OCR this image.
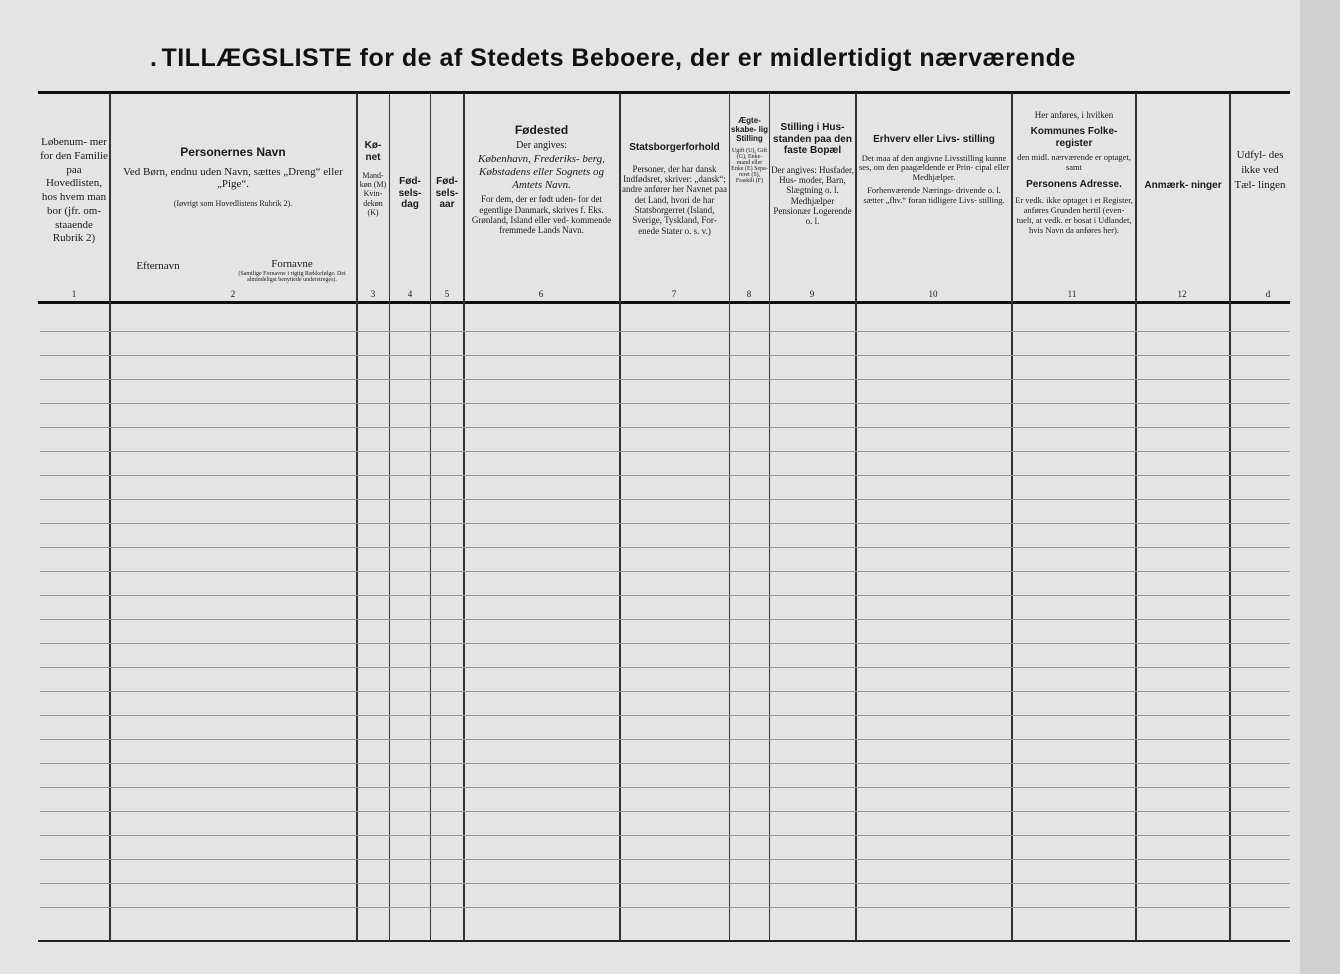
. TILLÆGSLISTE for de af Stedets Beboere, der er midlertidigt nærværende
Løbenum- mer for den Familie paa Hovedlisten, hos hvem man bor (jfr. om- staaende Rubrik 2)
Personernes Navn
Ved Børn, endnu uden Navn, sættes „Dreng“ eller „Pige“.
(Iøvrigt som Hovedlistens Rubrik 2).
Efternavn	Fornavne
(Samtlige Fornavne i rigtig Rækkefølge. Det almindeligst benyttede understreges).
Kø- net
Mand- køn (M) Kvin- dekøn (K)
Fød- sels- dag
Fød- sels- aar
Fødested
Der angives:
København, Frederiks- berg, Købstadens eller Sognets og Amtets Navn.
For dem, der er født uden- for det egentlige Danmark, skrives f. Eks. Grønland, Island eller ved- kommende fremmede Lands Navn.
Statsborgerforhold
Personer, der har dansk Indfødsret, skriver: „dansk“; andre anfører her Navnet paa det Land, hvori de har Statsborgerret (Island, Sverige, Tyskland, For- enede Stater o. s. v.)
Ægte- skabe- lig Stilling
Ugift (U), Gift (G), Enke- mand eller Enke (E) Sepa- reret (S), Fraskilt (F)
Stilling i Hus- standen paa den faste Bopæl
Der angives: Husfader, Hus- moder, Barn, Slægtning o. l. Medhjælper Pensionær Logerende o. l.
Erhverv eller Livs- stilling
Det maa af den angivne Livsstilling kunne ses, om den paagældende er Prin- cipal eller Medhjælper.
Forhenværende Nærings- drivende o. l. sætter „fhv.“ foran tidligere Livs- stilling.
Her anføres, i hvilken
Kommunes Folke- register
den midl. nærværende er optaget, samt
Personens Adresse.
Er vedk. ikke optaget i et Register, anføres Grunden hertil (even- tuelt, at vedk. er bosat i Udlandet, hvis Navn da anføres her).
Anmærk- ninger
Udfyl- des ikke ved Tæl- lingen
1	2	3	4	5	6	7	8	9	10	11	12	d
